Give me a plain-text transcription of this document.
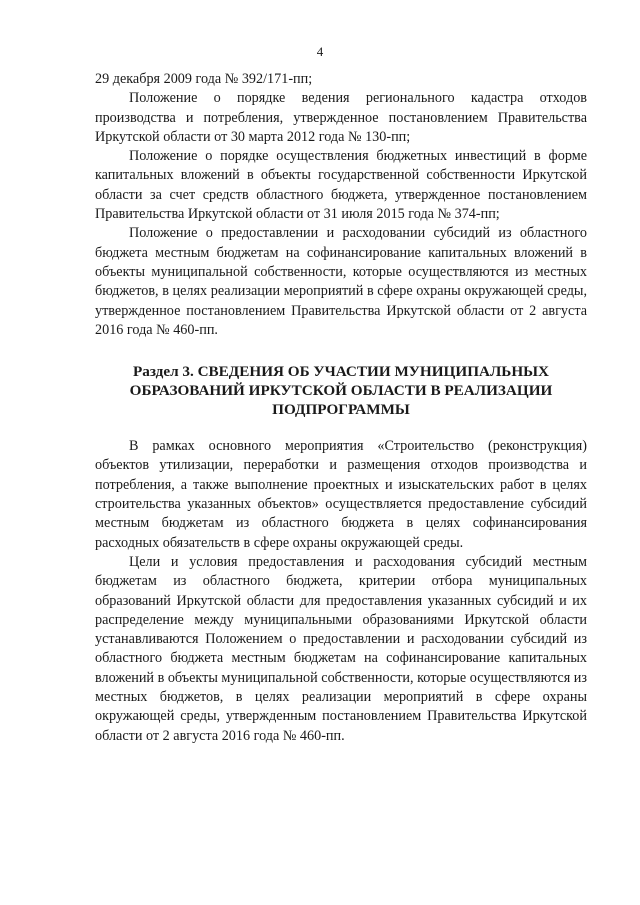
4

29 декабря 2009 года № 392/171-пп;

Положение о порядке ведения регионального кадастра отходов производства и потребления, утвержденное постановлением Правительства Иркутской области от 30 марта 2012 года № 130-пп;

Положение о порядке осуществления бюджетных инвестиций в форме капитальных вложений в объекты государственной собственности Иркутской области за счет средств областного бюджета, утвержденное постановлением Правительства Иркутской области от 31 июля 2015 года № 374-пп;

Положение о предоставлении и расходовании субсидий из областного бюджета местным бюджетам на софинансирование капитальных вложений в объекты муниципальной собственности, которые осуществляются из местных бюджетов, в целях реализации мероприятий в сфере охраны окружающей среды, утвержденное постановлением Правительства Иркутской области от 2 августа 2016 года № 460-пп.

Раздел 3. СВЕДЕНИЯ ОБ УЧАСТИИ МУНИЦИПАЛЬНЫХ
ОБРАЗОВАНИЙ ИРКУТСКОЙ ОБЛАСТИ В РЕАЛИЗАЦИИ
ПОДПРОГРАММЫ

В рамках основного мероприятия «Строительство (реконструкция) объектов утилизации, переработки и размещения отходов производства и потребления, а также выполнение проектных и изыскательских работ в целях строительства указанных объектов» осуществляется предоставление субсидий местным бюджетам из областного бюджета в целях софинансирования расходных обязательств в сфере охраны окружающей среды.

Цели и условия предоставления и расходования субсидий местным бюджетам из областного бюджета, критерии отбора муниципальных образований Иркутской области для предоставления указанных субсидий и их распределение между муниципальными образованиями Иркутской области устанавливаются Положением о предоставлении и расходовании субсидий из областного бюджета местным бюджетам на софинансирование капитальных вложений в объекты муниципальной собственности, которые осуществляются из местных бюджетов, в целях реализации мероприятий в сфере охраны окружающей среды, утвержденным постановлением Правительства Иркутской области от 2 августа 2016 года № 460-пп.
